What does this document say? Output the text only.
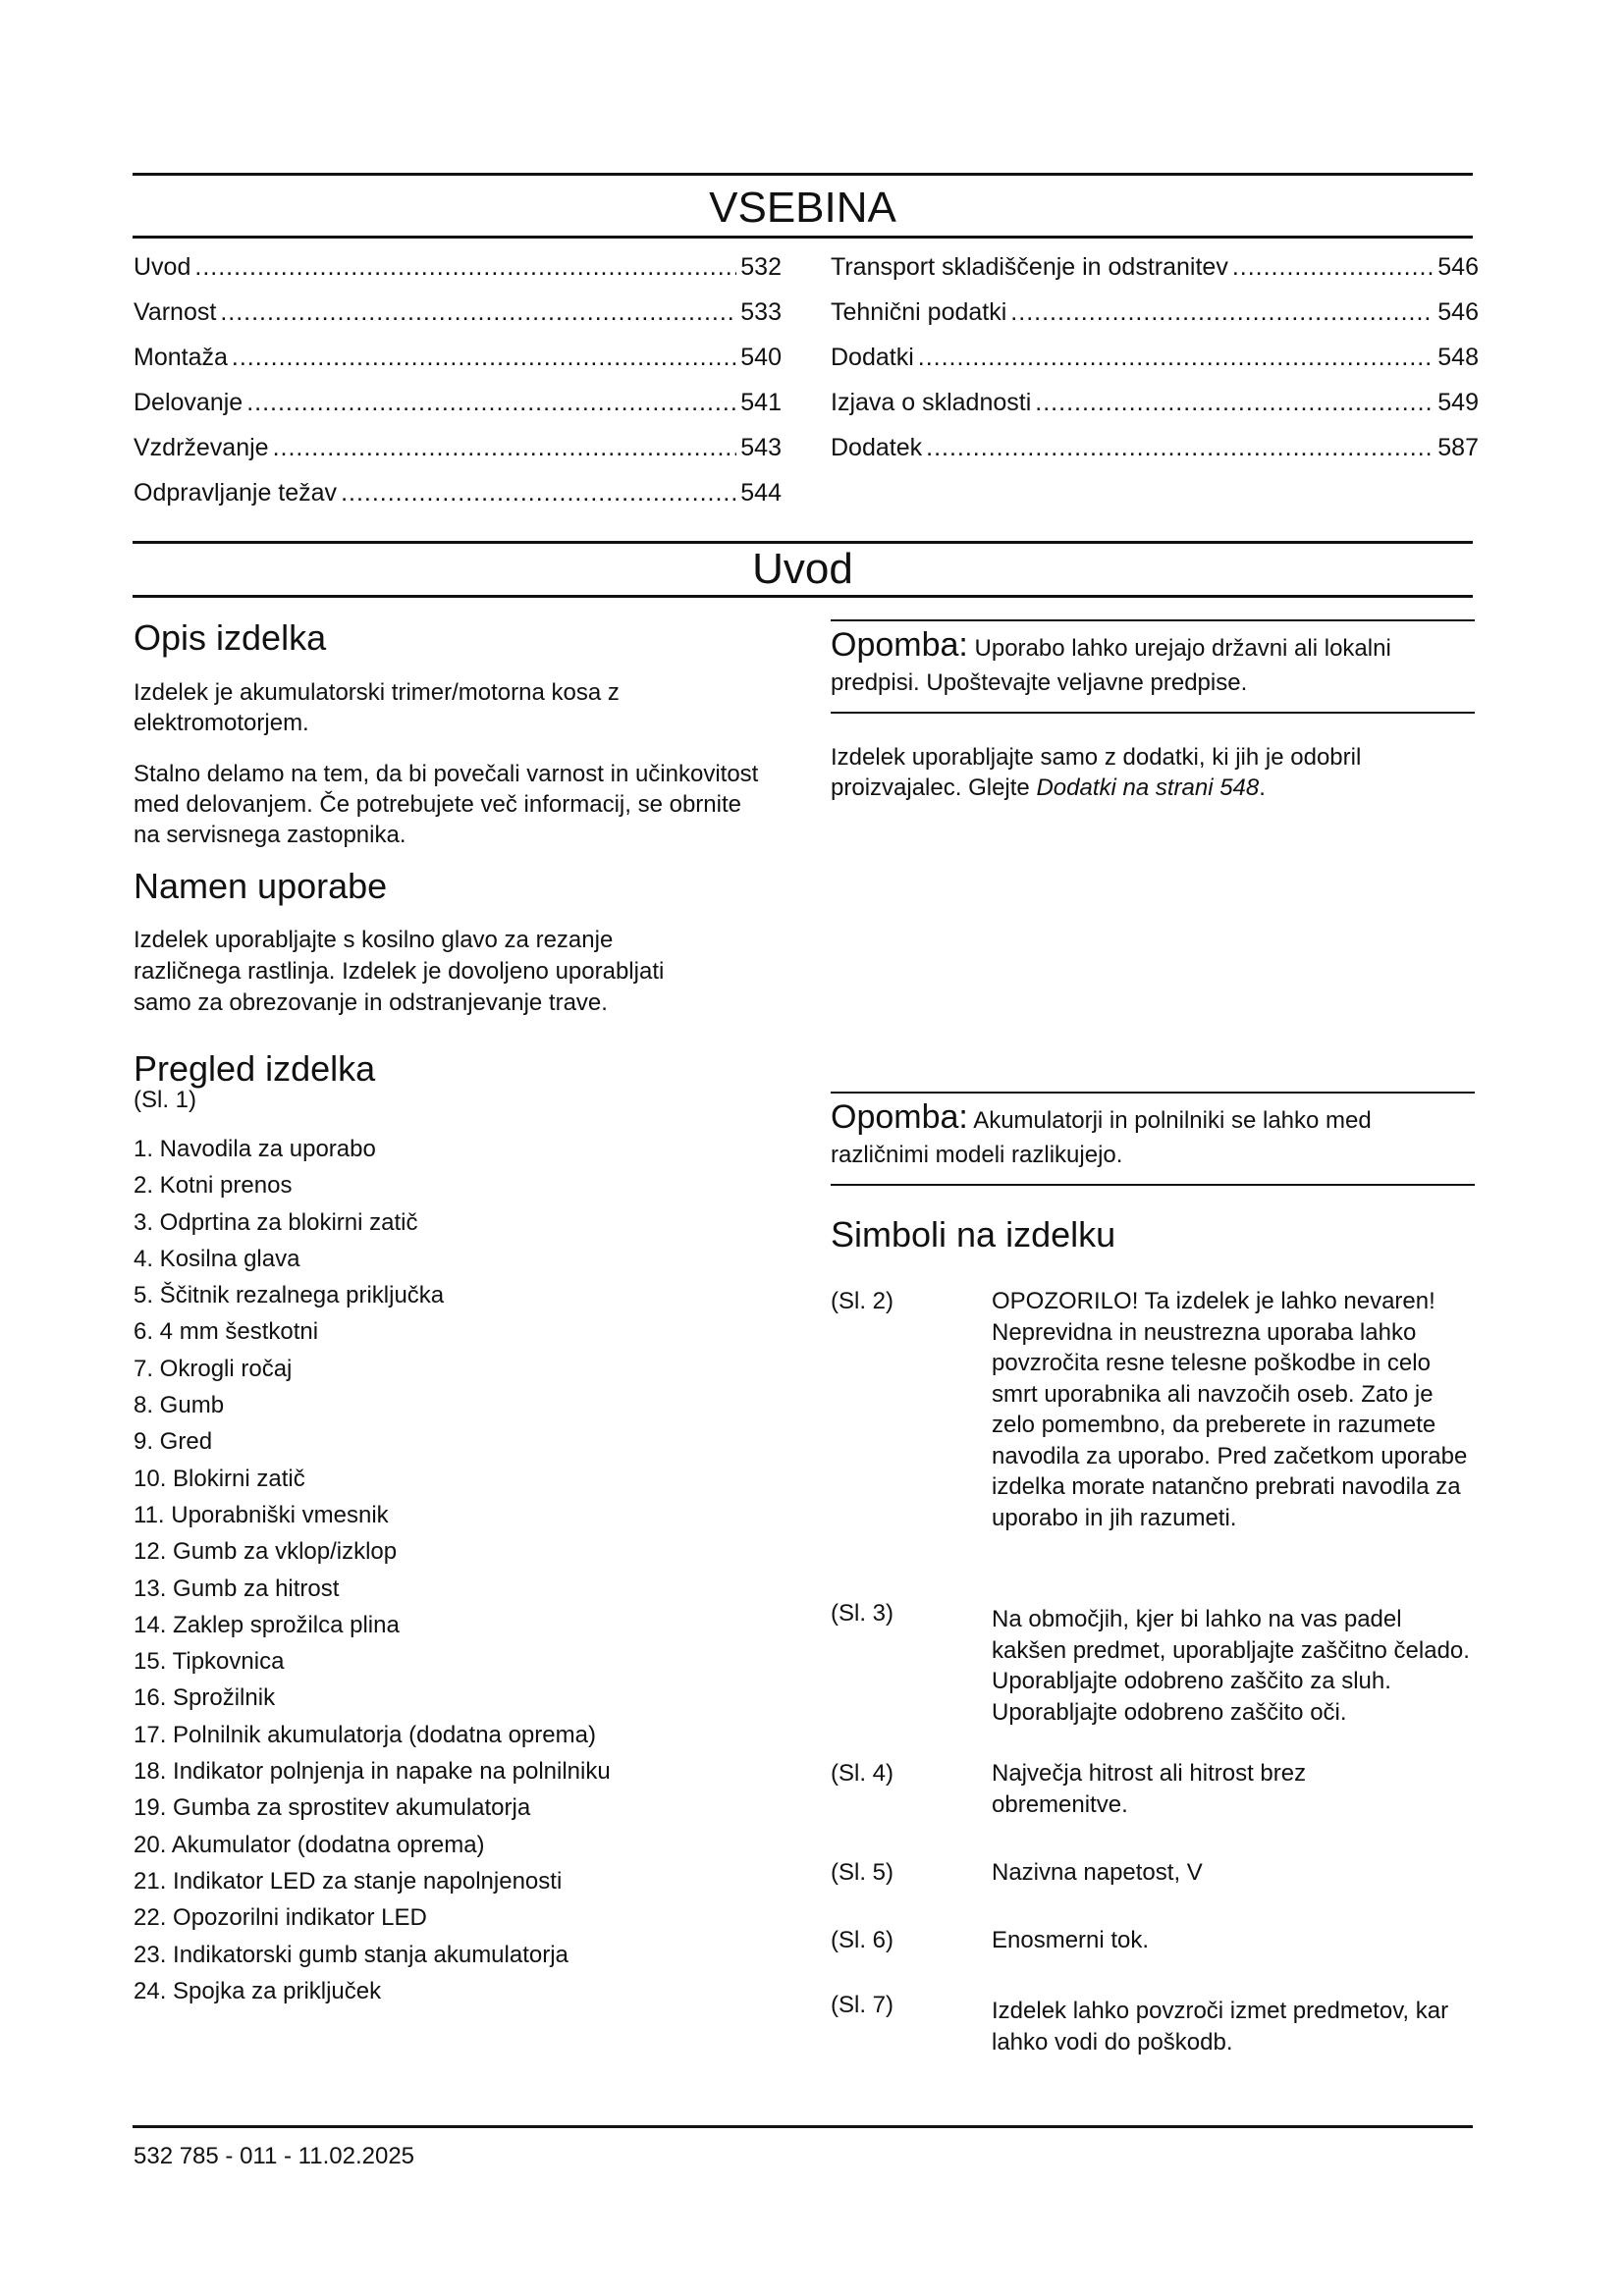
VSEBINA
Uvod .....	532
Varnost .....	533
Montaža .....	540
Delovanje .....	541
Vzdrževanje .....	543
Odpravljanje težav .....	544
Transport skladiščenje in odstranitev .....	546
Tehnični podatki .....	546
Dodatki .....	548
Izjava o skladnosti .....	549
Dodatek .....	587
Uvod
Opis izdelka

Izdelek je akumulatorski trimer/motorna kosa z elektromotorjem.

Stalno delamo na tem, da bi povečali varnost in učinkovitost med delovanjem. Če potrebujete več informacij, se obrnite na servisnega zastopnika.

Namen uporabe

Izdelek uporabljajte s kosilno glavo za rezanje različnega rastlinja. Izdelek je dovoljeno uporabljati samo za obrezovanje in odstranjevanje trave.

Pregled izdelka

(Sl. 1)

1. Navodila za uporabo
2. Kotni prenos
3. Odprtina za blokirni zatič
4. Kosilna glava
5. Ščitnik rezalnega priključka
6. 4 mm šestkotni
7. Okrogli ročaj
8. Gumb
9. Gred
10. Blokirni zatič
11. Uporabniški vmesnik
12. Gumb za vklop/izklop
13. Gumb za hitrost
14. Zaklep sprožilca plina
15. Tipkovnica
16. Sprožilnik
17. Polnilnik akumulatorja (dodatna oprema)
18. Indikator polnjenja in napake na polnilniku
19. Gumba za sprostitev akumulatorja
20. Akumulator (dodatna oprema)
21. Indikator LED za stanje napolnjenosti
22. Opozorilni indikator LED
23. Indikatorski gumb stanja akumulatorja
24. Spojka za priključek

Opomba: Uporabo lahko urejajo državni ali lokalni predpisi. Upoštevajte veljavne predpise.

Izdelek uporabljajte samo z dodatki, ki jih je odobril proizvajalec. Glejte Dodatki na strani 548.

Opomba: Akumulatorji in polnilniki se lahko med različnimi modeli razlikujejo.

Simboli na izdelku
(Sl. 2)	OPOZORILO! Ta izdelek je lahko nevaren! Neprevidna in neustrezna uporaba lahko povzročita resne telesne poškodbe in celo smrt uporabnika ali navzočih oseb. Zato je zelo pomembno, da preberete in razumete navodila za uporabo. Pred začetkom uporabe izdelka morate natančno prebrati navodila za uporabo in jih razumeti.
(Sl. 3)	Na območjih, kjer bi lahko na vas padel kakšen predmet, uporabljajte zaščitno čelado. Uporabljajte odobreno zaščito za sluh. Uporabljajte odobreno zaščito oči.
(Sl. 4)	Največja hitrost ali hitrost brez obremenitve.
(Sl. 5)	Nazivna napetost, V
(Sl. 6)	Enosmerni tok.
(Sl. 7)	Izdelek lahko povzroči izmet predmetov, kar lahko vodi do poškodb.
532 785 - 011 - 11.02.2025
